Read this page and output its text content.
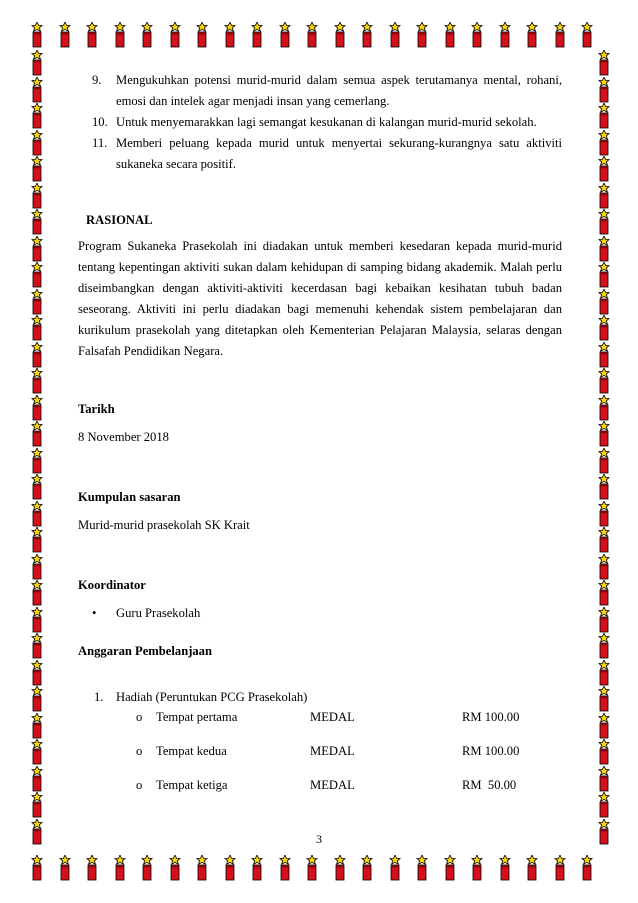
9. Mengukuhkan potensi murid-murid dalam semua aspek terutamanya mental, rohani, emosi dan intelek agar menjadi insan yang cemerlang.
10. Untuk menyemarakkan lagi semangat kesukanan di kalangan murid-murid sekolah.
11. Memberi peluang kepada murid untuk menyertai sekurang-kurangnya satu aktiviti sukaneka secara positif.
RASIONAL
Program Sukaneka Prasekolah ini diadakan untuk memberi kesedaran kepada murid-murid tentang kepentingan aktiviti sukan dalam kehidupan di samping bidang akademik. Malah perlu diseimbangkan dengan aktiviti-aktiviti kecerdasan bagi kebaikan kesihatan tubuh badan seseorang. Aktiviti ini perlu diadakan bagi memenuhi kehendak sistem pembelajaran dan kurikulum prasekolah yang ditetapkan oleh Kementerian Pelajaran Malaysia, selaras dengan Falsafah Pendidikan Negara.
Tarikh
8 November 2018
Kumpulan sasaran
Murid-murid prasekolah SK Krait
Koordinator
• Guru Prasekolah
Anggaran Pembelanjaan
1. Hadiah (Peruntukan PCG Prasekolah)
o Tempat pertama	MEDAL	RM 100.00
o Tempat kedua	MEDAL	RM 100.00
o Tempat ketiga	MEDAL	RM  50.00
3
